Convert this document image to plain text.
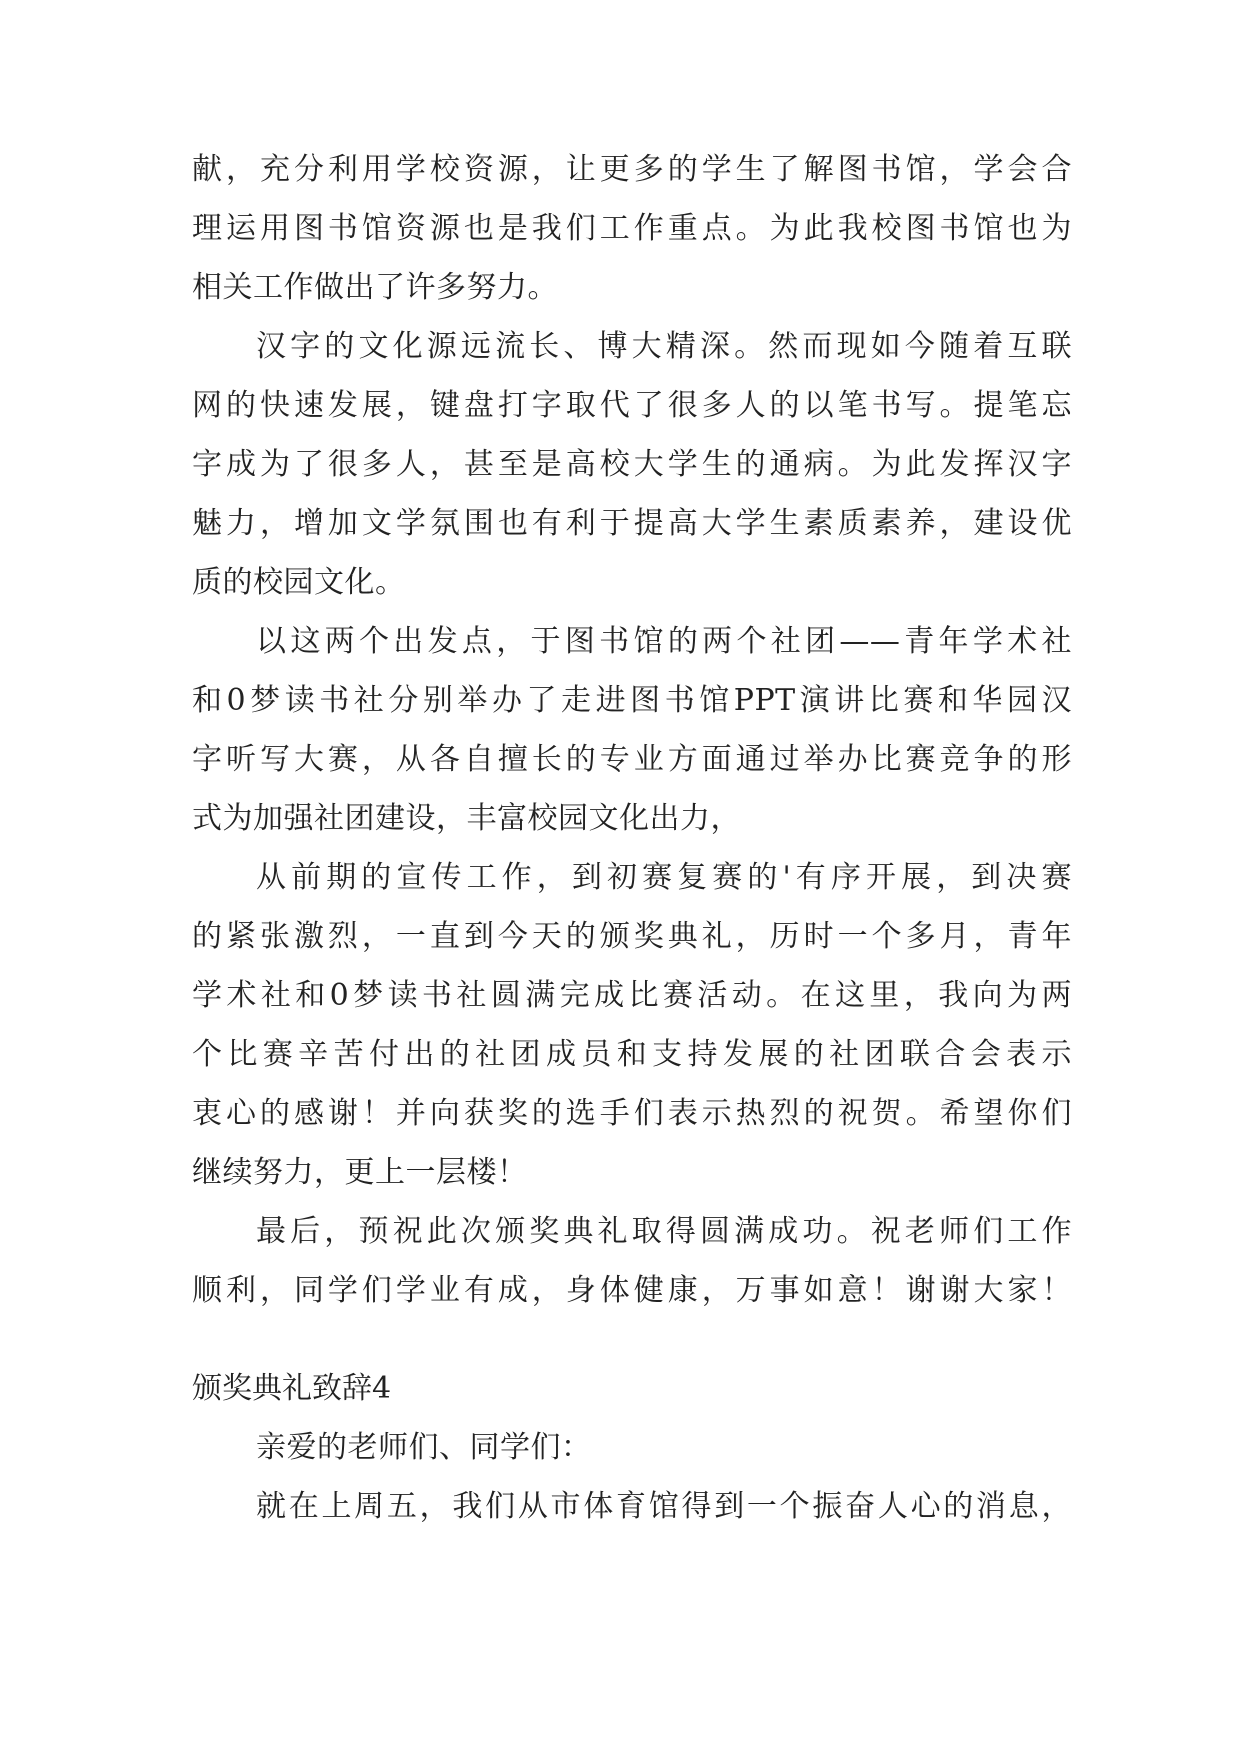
献，充分利用学校资源，让更多的学生了解图书馆，学会合
理运用图书馆资源也是我们工作重点。为此我校图书馆也为
相关工作做出了许多努力。
汉字的文化源远流长、博大精深。然而现如今随着互联
网的快速发展，键盘打字取代了很多人的以笔书写。提笔忘
字成为了很多人，甚至是高校大学生的通病。为此发挥汉字
魅力，增加文学氛围也有利于提高大学生素质素养，建设优
质的校园文化。
以这两个出发点，于图书馆的两个社团——青年学术社
和0梦读书社分别举办了走进图书馆PPT演讲比赛和华园汉
字听写大赛，从各自擅长的专业方面通过举办比赛竞争的形
式为加强社团建设，丰富校园文化出力，
从前期的宣传工作，到初赛复赛的'有序开展，到决赛
的紧张激烈，一直到今天的颁奖典礼，历时一个多月，青年
学术社和0梦读书社圆满完成比赛活动。在这里，我向为两
个比赛辛苦付出的社团成员和支持发展的社团联合会表示
衷心的感谢！并向获奖的选手们表示热烈的祝贺。希望你们
继续努力，更上一层楼！
最后，预祝此次颁奖典礼取得圆满成功。祝老师们工作
顺利，同学们学业有成，身体健康，万事如意！谢谢大家！
颁奖典礼致辞4
亲爱的老师们、同学们：
就在上周五，我们从市体育馆得到一个振奋人心的消息，
